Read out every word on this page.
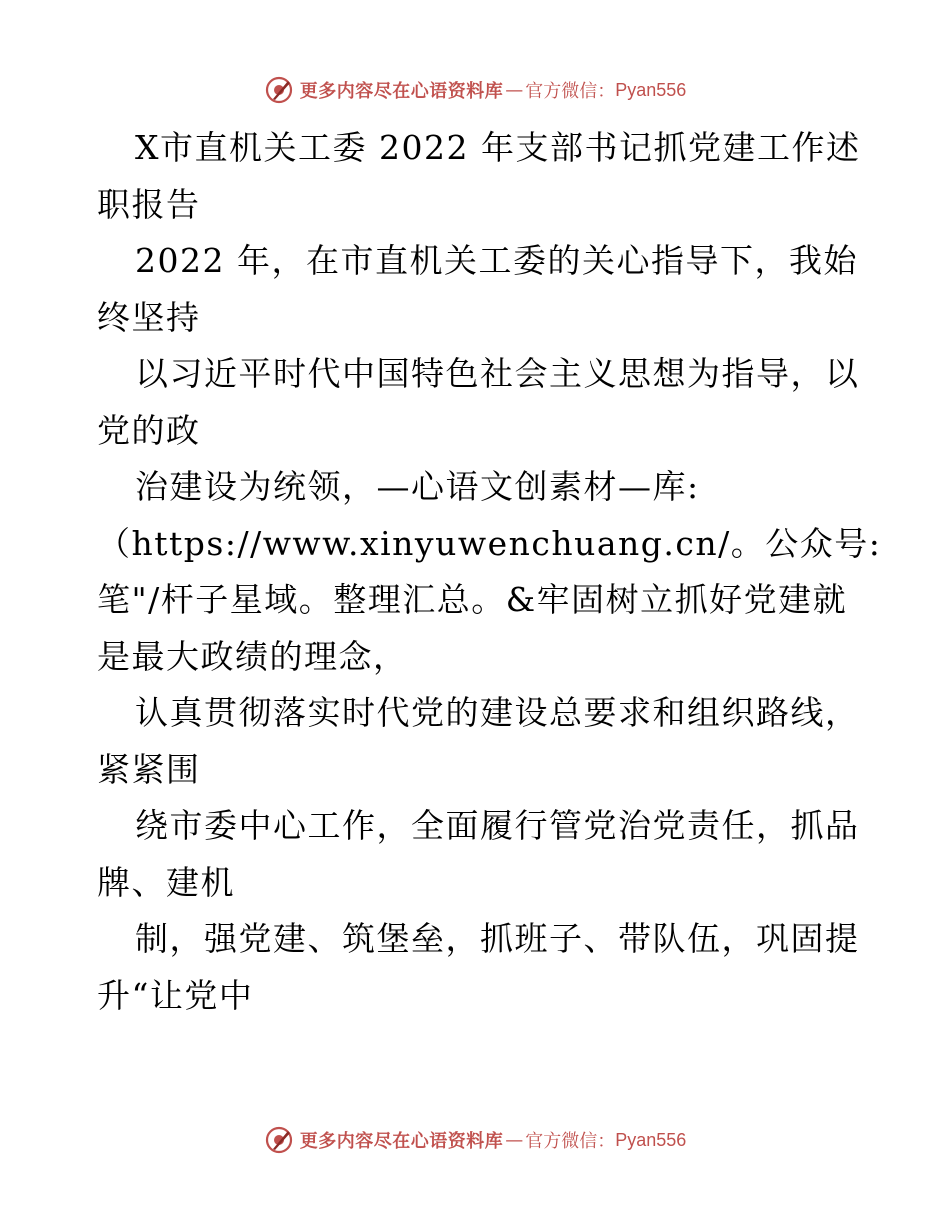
更多内容尽在心语资料库 — 官方微信： Pyan556
X市直机关工委 2022 年支部书记抓党建工作述
职报告
2022 年，在市直机关工委的关心指导下，我始
终坚持
以习近平时代中国特色社会主义思想为指导，以
党的政
治建设为统领，—心语文创素材—库:
（https://www.xinyuwenchuang.cn/。公众号:
笔"/杆子星域。整理汇总。&牢固树立抓好党建就
是最大政绩的理念，
认真贯彻落实时代党的建设总要求和组织路线，
紧紧围
绕市委中心工作，全面履行管党治党责任，抓品
牌、建机
制，强党建、筑堡垒，抓班子、带队伍，巩固提
升“让党中
更多内容尽在心语资料库 — 官方微信： Pyan556
